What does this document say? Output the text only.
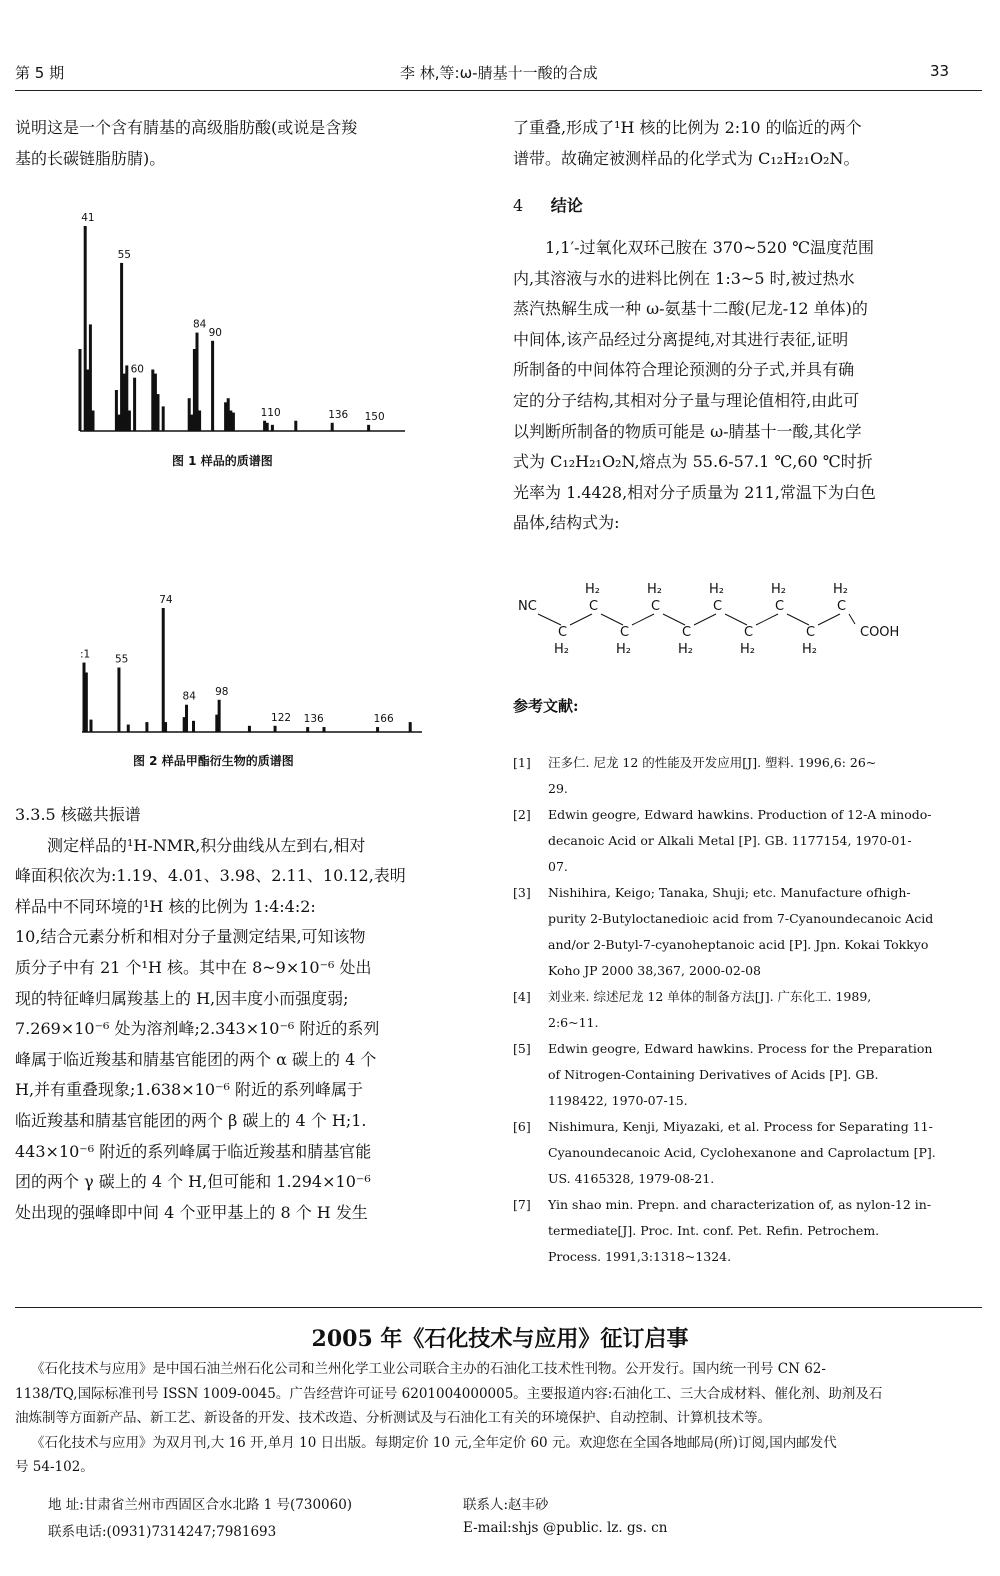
第 5 期	李 林,等:ω-腈基十一酸的合成	33
说明这是一个含有腈基的高级脂肪酸(或说是含羧
基的长碳链脂肪腈)。
41
55
60
84
90
110	136 150
图 1 样品的质谱图
:1 55
74
84 98
122 136	166
图 2 样品甲酯衍生物的质谱图
3.3.5 核磁共振谱
测定样品的¹H-NMR,积分曲线从左到右,相对
峰面积依次为:1.19、4.01、3.98、2.11、10.12,表明
样品中不同环境的¹H 核的比例为 1:4:4:2:
10,结合元素分析和相对分子量测定结果,可知该物
质分子中有 21 个¹H 核。其中在 8~9×10⁻⁶ 处出
现的特征峰归属羧基上的 H,因丰度小而强度弱;
7.269×10⁻⁶ 处为溶剂峰;2.343×10⁻⁶ 附近的系列
峰属于临近羧基和腈基官能团的两个 α 碳上的 4 个
H,并有重叠现象;1.638×10⁻⁶ 附近的系列峰属于
临近羧基和腈基官能团的两个 β 碳上的 4 个 H;1.
443×10⁻⁶ 附近的系列峰属于临近羧基和腈基官能
团的两个 γ 碳上的 4 个 H,但可能和 1.294×10⁻⁶
处出现的强峰即中间 4 个亚甲基上的 8 个 H 发生
了重叠,形成了¹H 核的比例为 2:10 的临近的两个
谱带。故确定被测样品的化学式为 C₁₂H₂₁O₂N。
4 结论
1,1′-过氧化双环己胺在 370~520 ℃温度范围
内,其溶液与水的进料比例在 1:3~5 时,被过热水
蒸汽热解生成一种 ω-氨基十二酸(尼龙-12 单体)的
中间体,该产品经过分离提纯,对其进行表征,证明
所制备的中间体符合理论预测的分子式,并具有确
定的分子结构,其相对分子量与理论值相符,由此可
以判断所制备的物质可能是 ω-腈基十一酸,其化学
式为 C₁₂H₂₁O₂N,熔点为 55.6-57.1 ℃,60 ℃时折
光率为 1.4428,相对分子质量为 211,常温下为白色
晶体,结构式为:
NC
C
H₂
C
H₂
C
H₂
C
H₂
C
H₂
C
H₂
C
H₂
C
H₂
C
H₂
C
H₂
COOH
参考文献:
[1] 汪多仁. 尼龙 12 的性能及开发应用[J]. 塑料. 1996,6: 26~
29.
[2] Edwin geogre, Edward hawkins. Production of 12-A minodo-
decanoic Acid or Alkali Metal [P]. GB. 1177154, 1970-01-
07.
[3] Nishihira, Keigo; Tanaka, Shuji; etc. Manufacture ofhigh-
purity 2-Butyloctanedioic acid from 7-Cyanoundecanoic Acid
and/or 2-Butyl-7-cyanoheptanoic acid [P]. Jpn. Kokai Tokkyo
Koho JP 2000 38,367, 2000-02-08
[4] 刘业来. 综述尼龙 12 单体的制备方法[J]. 广东化工. 1989,
2:6~11.
[5] Edwin geogre, Edward hawkins. Process for the Preparation
of Nitrogen-Containing Derivatives of Acids [P]. GB.
1198422, 1970-07-15.
[6] Nishimura, Kenji, Miyazaki, et al. Process for Separating 11-
Cyanoundecanoic Acid, Cyclohexanone and Caprolactum [P].
US. 4165328, 1979-08-21.
[7] Yin shao min. Prepn. and characterization of, as nylon-12 in-
termediate[J]. Proc. Int. conf. Pet. Refin. Petrochem.
Process. 1991,3:1318~1324.
2005 年《石化技术与应用》征订启事
《石化技术与应用》是中国石油兰州石化公司和兰州化学工业公司联合主办的石油化工技术性刊物。公开发行。国内统一刊号 CN 62-
1138/TQ,国际标准刊号 ISSN 1009-0045。广告经营许可证号 6201004000005。主要报道内容:石油化工、三大合成材料、催化剂、助剂及石
油炼制等方面新产品、新工艺、新设备的开发、技术改造、分析测试及与石油化工有关的环境保护、自动控制、计算机技术等。
《石化技术与应用》为双月刊,大 16 开,单月 10 日出版。每期定价 10 元,全年定价 60 元。欢迎您在全国各地邮局(所)订阅,国内邮发代
号 54-102。
地 址:甘肃省兰州市西固区合水北路 1 号(730060)	联系人:赵丰砂
联系电话:(0931)7314247;7981693	E-mail:shjs @public. lz. gs. cn
